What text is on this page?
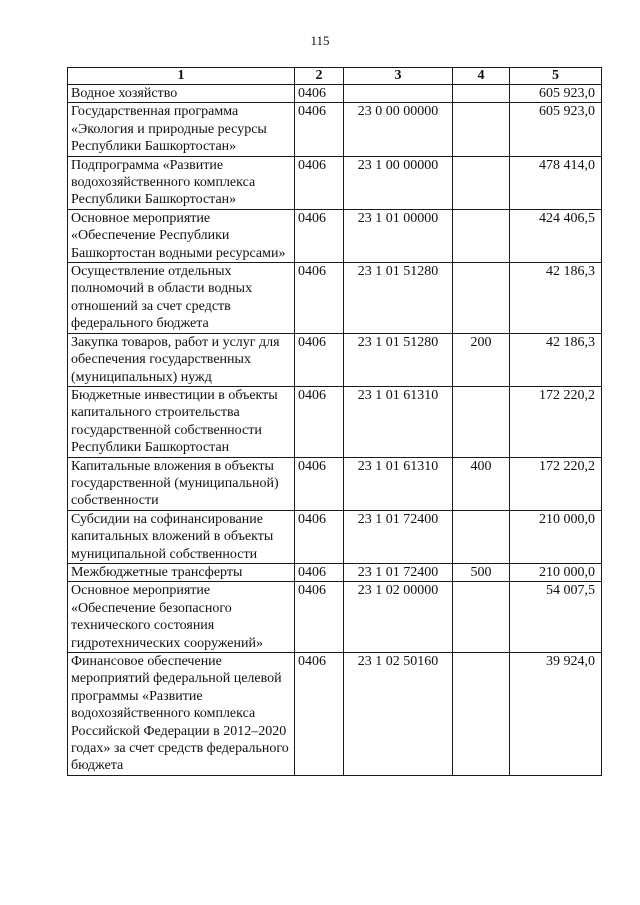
115
1	2	3	4	5
Водное хозяйство	0406			605 923,0
Государственная программа «Экология и природные ресурсы Республики Башкортостан»	0406	23 0 00 00000		605 923,0
Подпрограмма «Развитие водохозяйственного комплекса Республики Башкортостан»	0406	23 1 00 00000		478 414,0
Основное мероприятие «Обеспечение Республики Башкортостан водными ресурсами»	0406	23 1 01 00000		424 406,5
Осуществление отдельных полномочий в области водных отношений за счет средств федерального бюджета	0406	23 1 01 51280		42 186,3
Закупка товаров, работ и услуг для обеспечения государственных (муниципальных) нужд	0406	23 1 01 51280	200	42 186,3
Бюджетные инвестиции в объекты капитального строительства государственной собственности Республики Башкортостан	0406	23 1 01 61310		172 220,2
Капитальные вложения в объекты государственной (муниципальной) собственности	0406	23 1 01 61310	400	172 220,2
Субсидии на софинансирование капитальных вложений в объекты муниципальной собственности	0406	23 1 01 72400		210 000,0
Межбюджетные трансферты	0406	23 1 01 72400	500	210 000,0
Основное мероприятие «Обеспечение безопасного технического состояния гидротехнических сооружений»	0406	23 1 02 00000		54 007,5
Финансовое обеспечение мероприятий федеральной целевой программы «Развитие водохозяйственного комплекса Российской Федерации в 2012–2020 годах» за счет средств федерального бюджета	0406	23 1 02 50160		39 924,0
